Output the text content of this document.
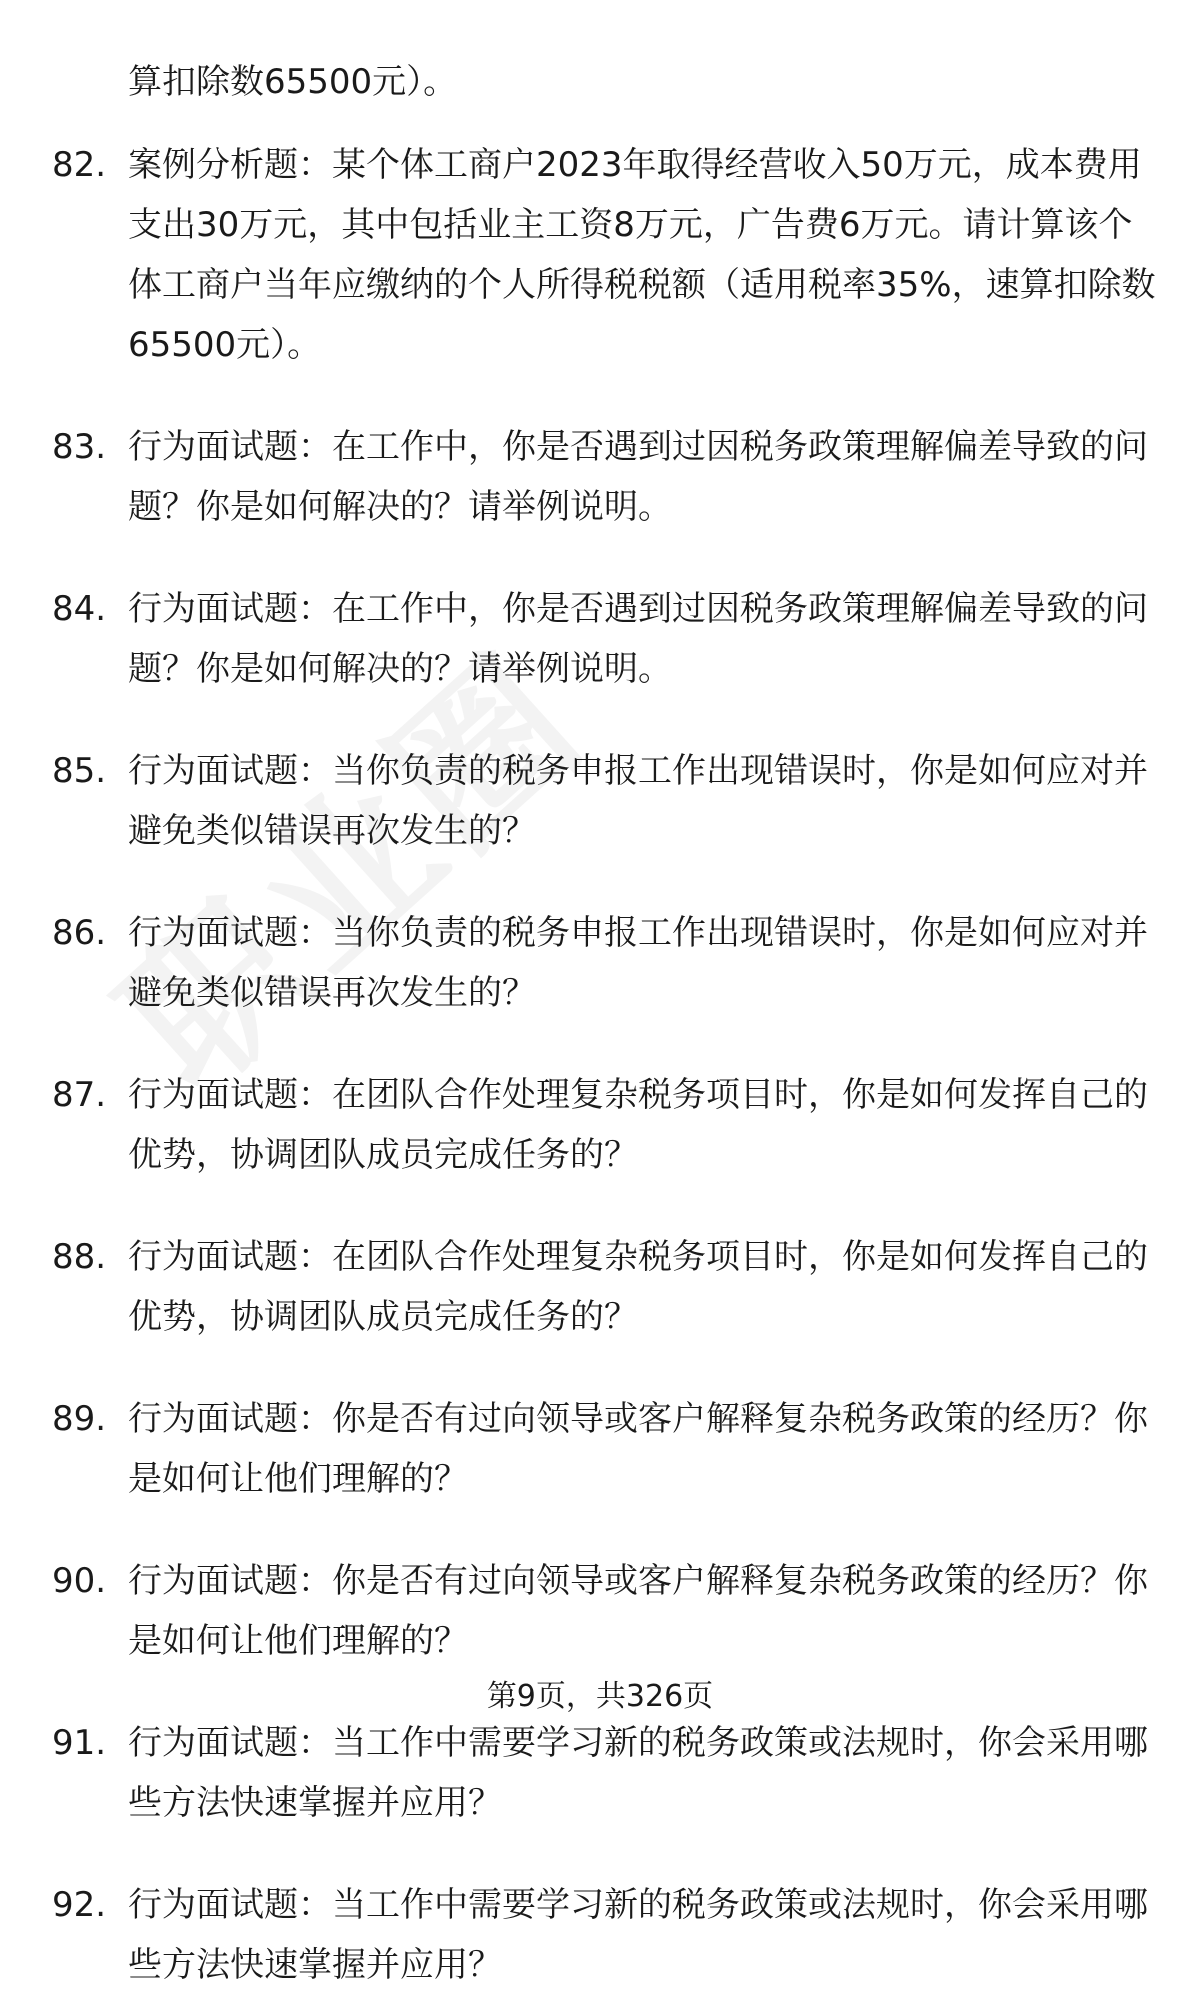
算扣除数65500元）。
82. 案例分析题：某个体工商户2023年取得经营收入50万元，成本费用支出30万元，其中包括业主工资8万元，广告费6万元。请计算该个体工商户当年应缴纳的个人所得税税额（适用税率35%，速算扣除数65500元）。
83. 行为面试题：在工作中，你是否遇到过因税务政策理解偏差导致的问题？你是如何解决的？请举例说明。
84. 行为面试题：在工作中，你是否遇到过因税务政策理解偏差导致的问题？你是如何解决的？请举例说明。
85. 行为面试题：当你负责的税务申报工作出现错误时，你是如何应对并避免类似错误再次发生的？
86. 行为面试题：当你负责的税务申报工作出现错误时，你是如何应对并避免类似错误再次发生的？
87. 行为面试题：在团队合作处理复杂税务项目时，你是如何发挥自己的优势，协调团队成员完成任务的？
88. 行为面试题：在团队合作处理复杂税务项目时，你是如何发挥自己的优势，协调团队成员完成任务的？
89. 行为面试题：你是否有过向领导或客户解释复杂税务政策的经历？你是如何让他们理解的？
90. 行为面试题：你是否有过向领导或客户解释复杂税务政策的经历？你是如何让他们理解的？
91. 行为面试题：当工作中需要学习新的税务政策或法规时，你会采用哪些方法快速掌握并应用？
92. 行为面试题：当工作中需要学习新的税务政策或法规时，你会采用哪些方法快速掌握并应用？
第9页，共326页
